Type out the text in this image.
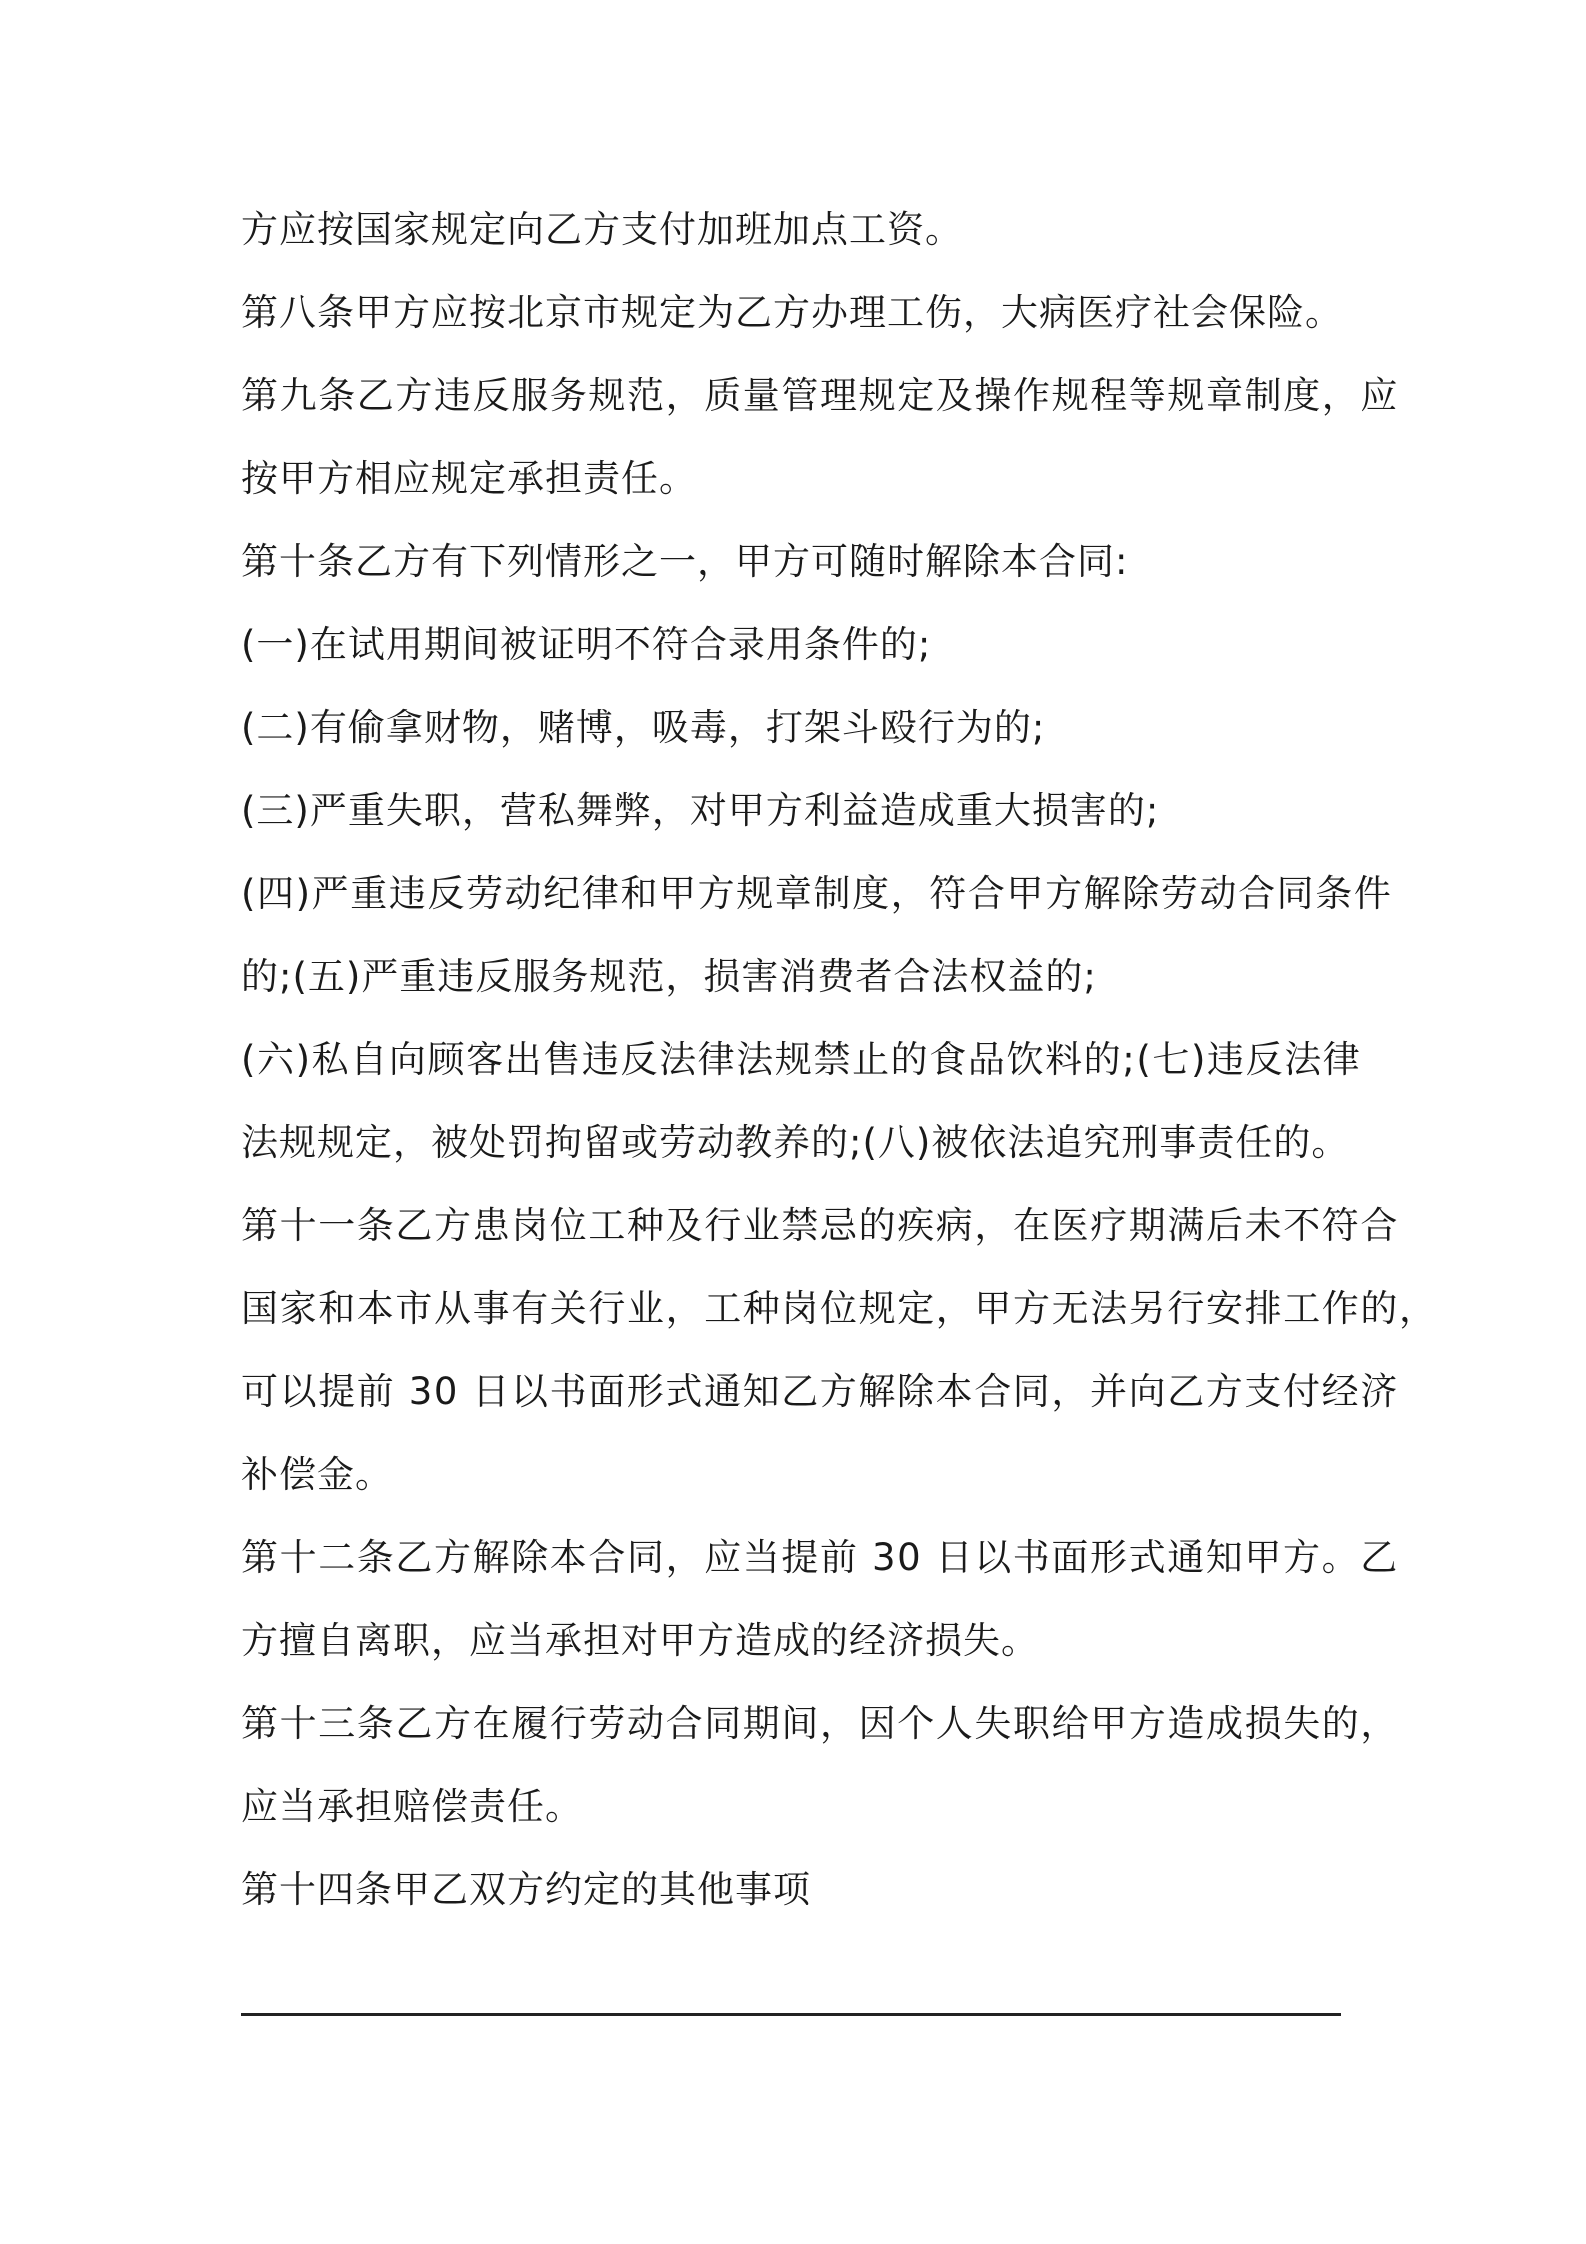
方应按国家规定向乙方支付加班加点工资。
第八条甲方应按北京市规定为乙方办理工伤，大病医疗社会保险。
第九条乙方违反服务规范，质量管理规定及操作规程等规章制度，应
按甲方相应规定承担责任。
第十条乙方有下列情形之一，甲方可随时解除本合同:
(一)在试用期间被证明不符合录用条件的;
(二)有偷拿财物，赌博，吸毒，打架斗殴行为的;
(三)严重失职，营私舞弊，对甲方利益造成重大损害的;
(四)严重违反劳动纪律和甲方规章制度，符合甲方解除劳动合同条件
的;(五)严重违反服务规范，损害消费者合法权益的;
(六)私自向顾客出售违反法律法规禁止的食品饮料的;(七)违反法律
法规规定，被处罚拘留或劳动教养的;(八)被依法追究刑事责任的。
第十一条乙方患岗位工种及行业禁忌的疾病，在医疗期满后未不符合
国家和本市从事有关行业，工种岗位规定，甲方无法另行安排工作的，
可以提前 30 日以书面形式通知乙方解除本合同，并向乙方支付经济
补偿金。
第十二条乙方解除本合同，应当提前 30 日以书面形式通知甲方。乙
方擅自离职，应当承担对甲方造成的经济损失。
第十三条乙方在履行劳动合同期间，因个人失职给甲方造成损失的，
应当承担赔偿责任。
第十四条甲乙双方约定的其他事项
